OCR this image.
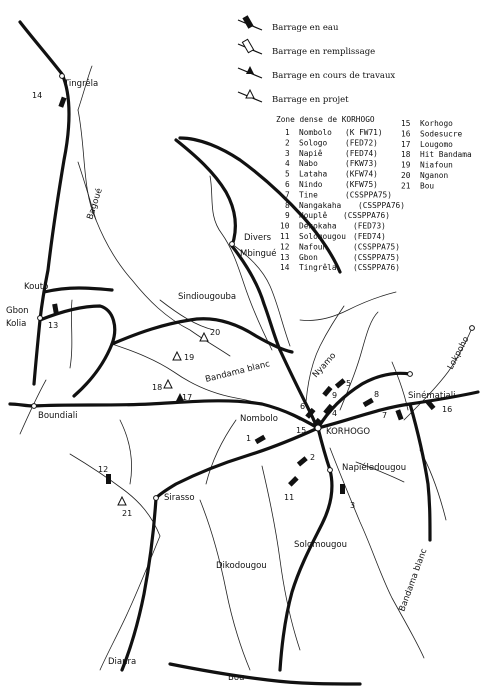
Tingrêla
Divers
Mbingué
Kouto
Gbon
Kolia
Sindiougouba
Boundiali
KORHOGO
Nombolo
Sinématiali
Napiéledougou
Sirasso
Solomougou
Dikodougou
Dianra
Bou
Bagoué
Bandama blanc	Nyamo	Lokpoho
Bandama blanc
14
13
12
21
1
2
11
3
4
5
6
7
8
9
15
16
17
18
19
20
Barrage en eau
Barrage en remplissage
Barrage en cours de travaux
Barrage en projet
Zone dense de KORHOGO
1 Nombolo (K FW71)
2 Sologo (FED72)
3 Napiê	(FED74)
4 Nabo	(FKW73)
5 Lataha (KFW74)
6 Nindo	(KFW75)
7 Tine	(CSSPPA75)
8 Nangakaha (CSSPPA76)
9 Nouplê (CSSPPA76)
10 Dékokaha (FED73)
11 Solomougou (FED74)
12 Nafoun	(CSSPPA75)
13 Gbon	(CSSPPA75)
14 Tingrêla (CSSPPA76)
15 Korhogo
16 Sodesucre
17 Lougomo
18 Hit Bandama
19 Niafoun
20 Nganon
21 Bou
